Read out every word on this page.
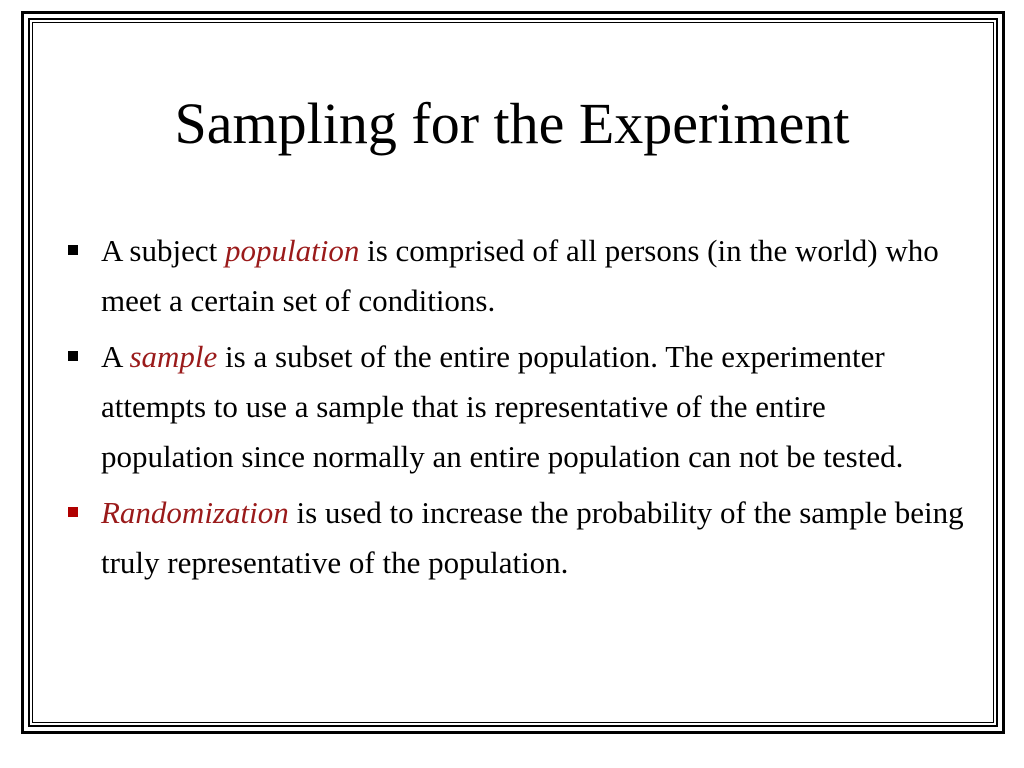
Sampling for the Experiment
A subject population is comprised of all persons (in the world) who meet a certain set of conditions.
A sample is a subset of the entire population. The experimenter attempts to use a sample that is representative of the entire population since normally an entire population can not be tested.
Randomization is used to increase the probability of the sample being truly representative of the population.
